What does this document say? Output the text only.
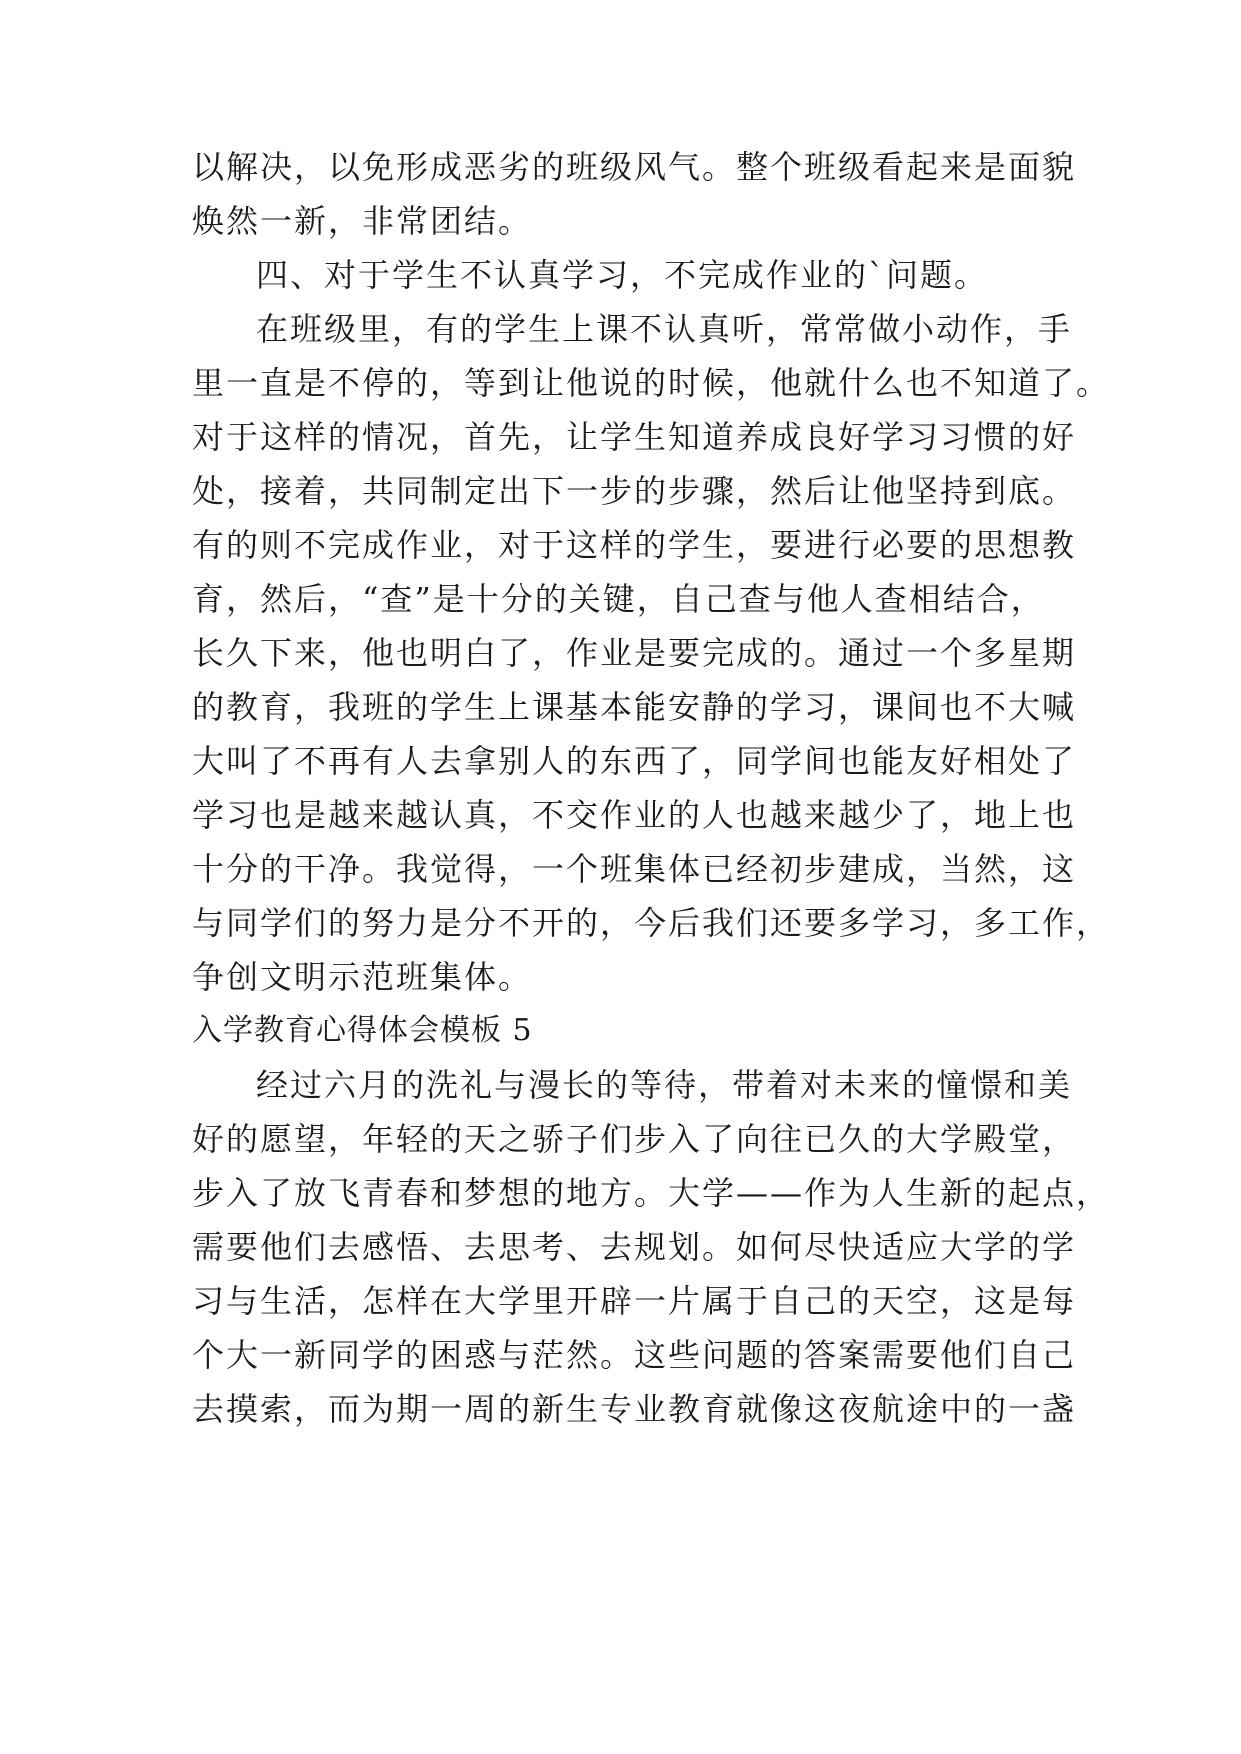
以解决，以免形成恶劣的班级风气。整个班级看起来是面貌
焕然一新，非常团结。
四、对于学生不认真学习，不完成作业的`问题。
在班级里，有的学生上课不认真听，常常做小动作，手
里一直是不停的，等到让他说的时候，他就什么也不知道了。
对于这样的情况，首先，让学生知道养成良好学习习惯的好
处，接着，共同制定出下一步的步骤，然后让他坚持到底。
有的则不完成作业，对于这样的学生，要进行必要的思想教
育，然后，“查”是十分的关键，自己查与他人查相结合，
长久下来，他也明白了，作业是要完成的。通过一个多星期
的教育，我班的学生上课基本能安静的学习，课间也不大喊
大叫了不再有人去拿别人的东西了，同学间也能友好相处了
学习也是越来越认真，不交作业的人也越来越少了，地上也
十分的干净。我觉得，一个班集体已经初步建成，当然，这
与同学们的努力是分不开的，今后我们还要多学习，多工作，
争创文明示范班集体。
入学教育心得体会模板 5
经过六月的洗礼与漫长的等待，带着对未来的憧憬和美
好的愿望，年轻的天之骄子们步入了向往已久的大学殿堂，
步入了放飞青春和梦想的地方。大学——作为人生新的起点，
需要他们去感悟、去思考、去规划。如何尽快适应大学的学
习与生活，怎样在大学里开辟一片属于自己的天空，这是每
个大一新同学的困惑与茫然。这些问题的答案需要他们自己
去摸索，而为期一周的新生专业教育就像这夜航途中的一盏
